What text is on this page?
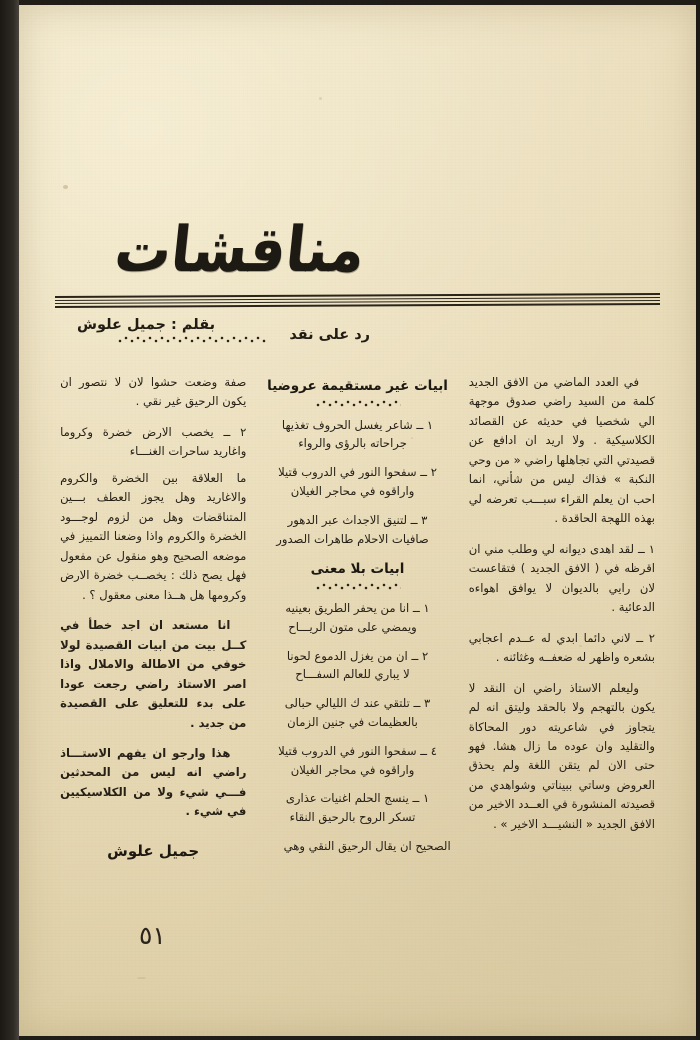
مناقشات
رد على نقد
بقلم : جميل علوش

في العدد الماضي من الافق الجديد كلمة من السيد راضي صدوق موجهة الي شخصيا في حديثه عن القصائد الكلاسيكية . ولا اريد ان ادافع عن قصيدتي التي تجاهلها راضي « من وحي النكبة » فذاك ليس من شأني، انما احب ان يعلم القراء سبـــب تعرضه لي بهذه اللهجة الحاقدة .

١ ــ لقد اهدى ديوانه لي وطلب مني ان اقرظه في ( الافق الجديد ) فتقاعست لان رايي بالديوان لا يوافق اهواءه الدعائية .

٢ ــ لاني دائما ابدي له عــدم اعجابي بشعره واظهر له ضعفــه وغثائنه .

وليعلم الاستاذ راضي ان النقد لا يكون بالتهجم ولا بالحقد وليتق انه لم يتجاوز في شاعريته دور المحاكاة والتقليد وان عوده ما زال هشا. فهو حتى الان لم يتقن اللغة ولم يحذق العروض وساتي ببيناتي وشواهدي من قصيدته المنشورة في العــدد الاخير من الافق الجديد « النشيـــد الاخير » .

ابيات غير مستقيمة عروضيا
١ ــ شاعر يغسل الحروف تغذيها
جراحاته بالرؤى والرواء
٢ ــ سفحوا النور في الدروب قتيلا
واراقوه في محاجر الغيلان
٣ ــ لتنيق الاجداث عبر الدهور
صافيات الاحلام طاهرات الصدور
ابيات بلا معنى
١ ــ انا من يحفر الطريق بعينيه
ويمضي على متون الريـــاح
٢ ــ ان من يغزل الدموع لحونا
لا يباري للعالم السفـــاح
٣ ــ تلتقي عند ك الليالي حبالى
بالعظيمات في جنين الزمان
٤ ــ سفحوا النور في الدروب قتيلا
واراقوه في محاجر الغيلان
١ ــ ينسج الحلم اغنيات عذارى
تسكر الروح بالرحيق النقاء

الصحيح ان يقال الرحيق النقي وهي

صفة وضعت حشوا لان لا نتصور ان يكون الرحيق غير نقي .

٢ ــ يخصب الارض خضرة وكروما واغاريد ساحرات الغنـــاء

ما العلاقة بين الخضرة والكروم والاغاريد وهل يجوز العطف بـــين المتناقضات وهل من لزوم لوجـــود الخضرة والكروم واذا وضعنا التمييز في موضعه الصحيح وهو منقول عن مفعول فهل يصح ذلك : يخصــب خضرة الارض وكرومها هل هــذا معنى معقول ؟ .

انا مستعد ان اجد خطأ في كــل بيت من ابيات القصيدة لولا خوفي من الاطالة والاملال واذا اصر الاستاذ راضي رجعت عودا على بدء للتعليق على القصيدة من جديد .

هذا وارجو ان يفهم الاستـــاذ راضي انه ليس من المحدثين فـــي شيء ولا من الكلاسيكيين في شيء .

جميل علوش
٥١
